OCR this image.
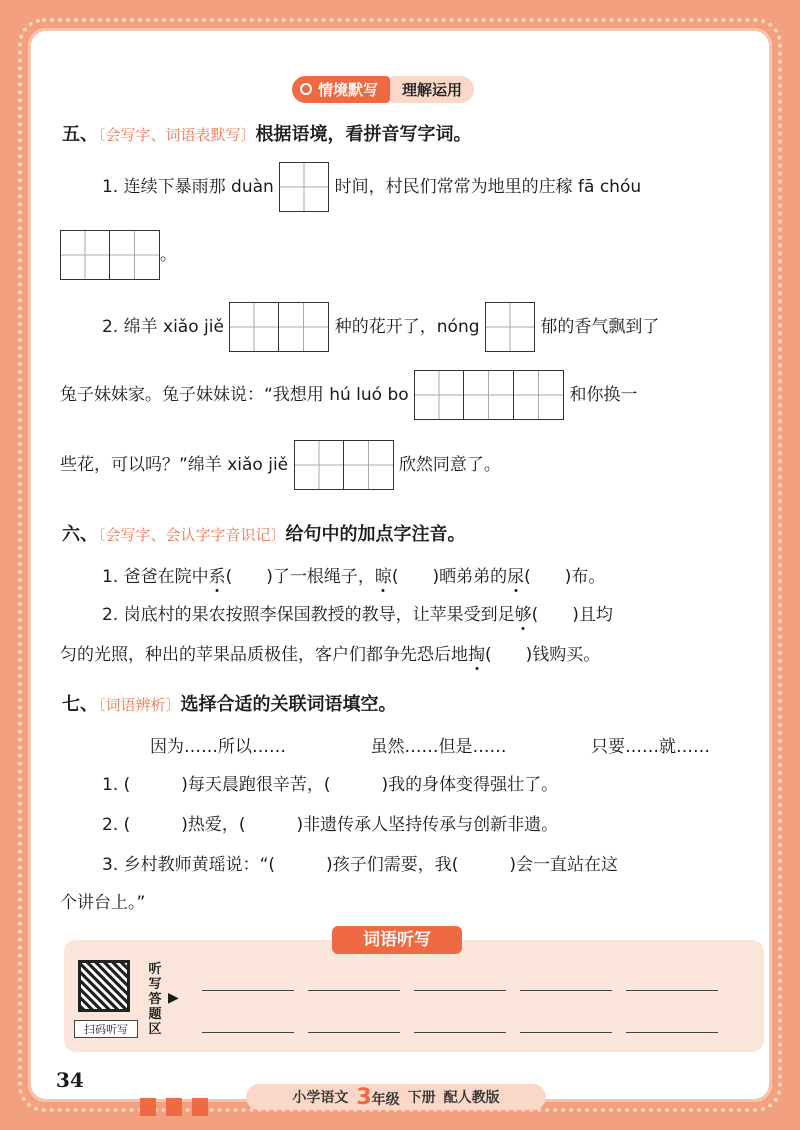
情境默写	理解运用
五、〔会写字、词语表默写〕根据语境，看拼音写字词。
1. 连续下暴雨那 duàn	时间，村民们常常为地里的庄稼 fā chóu
。
2. 绵羊 xiǎo jiě	种的花开了，nóng	郁的香气飘到了
兔子妹妹家。兔子妹妹说：“我想用 hú luó bo	和你换一
些花，可以吗？”绵羊 xiǎo jiě	欣然同意了。
六、〔会写字、会认字字音识记〕给句中的加点字注音。
1. 爸爸在院中系(　　)了一根绳子，晾(　　)晒弟弟的尿(　　)布。
2. 岗底村的果农按照李保国教授的教导，让苹果受到足够(　　)且均
匀的光照，种出的苹果品质极佳，客户们都争先恐后地掏(　　)钱购买。
七、〔词语辨析〕选择合适的关联词语填空。
因为……所以……	虽然……但是……	只要……就……
1. (　　　)每天晨跑很辛苦，(　　　)我的身体变得强壮了。
2. (　　　)热爱，(　　　)非遗传承人坚持传承与创新非遗。
3. 乡村教师黄瑶说：“(　　　)孩子们需要，我(　　　)会一直站在这
个讲台上。”
词语听写
扫码听写
听写答题区
▶
34
小学语文 3年级 下册 配人教版
